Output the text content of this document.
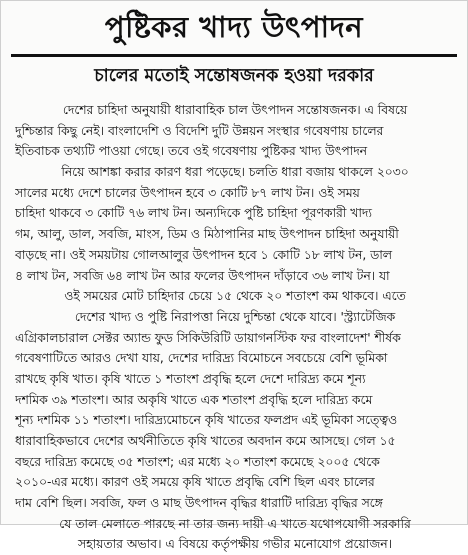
পুষ্টিকর খাদ্য উৎপাদন
চালের মতোই সন্তোষজনক হওয়া দরকার
দেশের চাহিদা অনুযায়ী ধারাবাহিক চাল উৎপাদন সন্তোষজনক। এ বিষয়ে
দুশ্চিন্তার কিছু নেই। বাংলাদেশি ও বিদেশি দুটি উন্নয়ন সংস্থার গবেষণায় চালের
ইতিবাচক তথ্যটি পাওয়া গেছে। তবে ওই গবেষণায় পুষ্টিকর খাদ্য উৎপাদন
নিয়ে আশঙ্কা করার কারণ ধরা পড়েছে। চলতি ধারা বজায় থাকলে ২০৩০
সালের মধ্যে দেশে চালের উৎপাদন হবে ৩ কোটি ৮৭ লাখ টন। ওই সময়
চাহিদা থাকবে ৩ কোটি ৭৬ লাখ টন। অন্যদিকে পুষ্টি চাহিদা পূরণকারী খাদ্য
গম, আলু, ডাল, সবজি, মাংস, ডিম ও মিঠাপানির মাছ উৎপাদন চাহিদা অনুযায়ী
বাড়ছে না। ওই সময়টায় গোলআলুর উৎপাদন হবে ১ কোটি ১৮ লাখ টন, ডাল
৪ লাখ টন, সবজি ৬৪ লাখ টন আর ফলের উৎপাদন দাঁড়াবে ৩৬ লাখ টন। যা
ওই সময়ের মোট চাহিদার চেয়ে ১৫ থেকে ২০ শতাংশ কম থাকবে। এতে
দেশের খাদ্য ও পুষ্টি নিরাপত্তা নিয়ে দুশ্চিন্তা থেকে যাবে। 'স্ট্র্যাটেজিক
এগ্রিকালচারাল সেক্টর অ্যান্ড ফুড সিকিউরিটি ডায়াগনস্টিক ফর বাংলাদেশ' শীর্ষক
গবেষণাটিতে আরও দেখা যায়, দেশের দারিদ্র্য বিমোচনে সবচেয়ে বেশি ভূমিকা
রাখছে কৃষি খাত। কৃষি খাতে ১ শতাংশ প্রবৃদ্ধি হলে দেশে দারিদ্র্য কমে শূন্য
দশমিক ৩৯ শতাংশ। আর অকৃষি খাতে এক শতাংশ প্রবৃদ্ধি হলে দারিদ্র্য কমে
শূন্য দশমিক ১১ শতাংশ। দারিদ্র্যমোচনে কৃষি খাতের ফলপ্রদ এই ভূমিকা সত্ত্বেও
ধারাবাহিকভাবে দেশের অর্থনীতিতে কৃষি খাতের অবদান কমে আসছে। গেল ১৫
বছরে দারিদ্র্য কমেছে ৩৫ শতাংশ; এর মধ্যে ২০ শতাংশ কমেছে ২০০৫ থেকে
২০১০-এর মধ্যে। কারণ ওই সময়ে কৃষি খাতে প্রবৃদ্ধি বেশি ছিল এবং চালের
দাম বেশি ছিল। সবজি, ফল ও মাছ উৎপাদন বৃদ্ধির ধারাটি দারিদ্র্য বৃদ্ধির সঙ্গে
যে তাল মেলাতে পারছে না তার জন্য দায়ী এ খাতে যথোপযোগী সরকারি
সহায়তার অভাব। এ বিষয়ে কর্তৃপক্ষীয় গভীর মনোযোগ প্রয়োজন।
